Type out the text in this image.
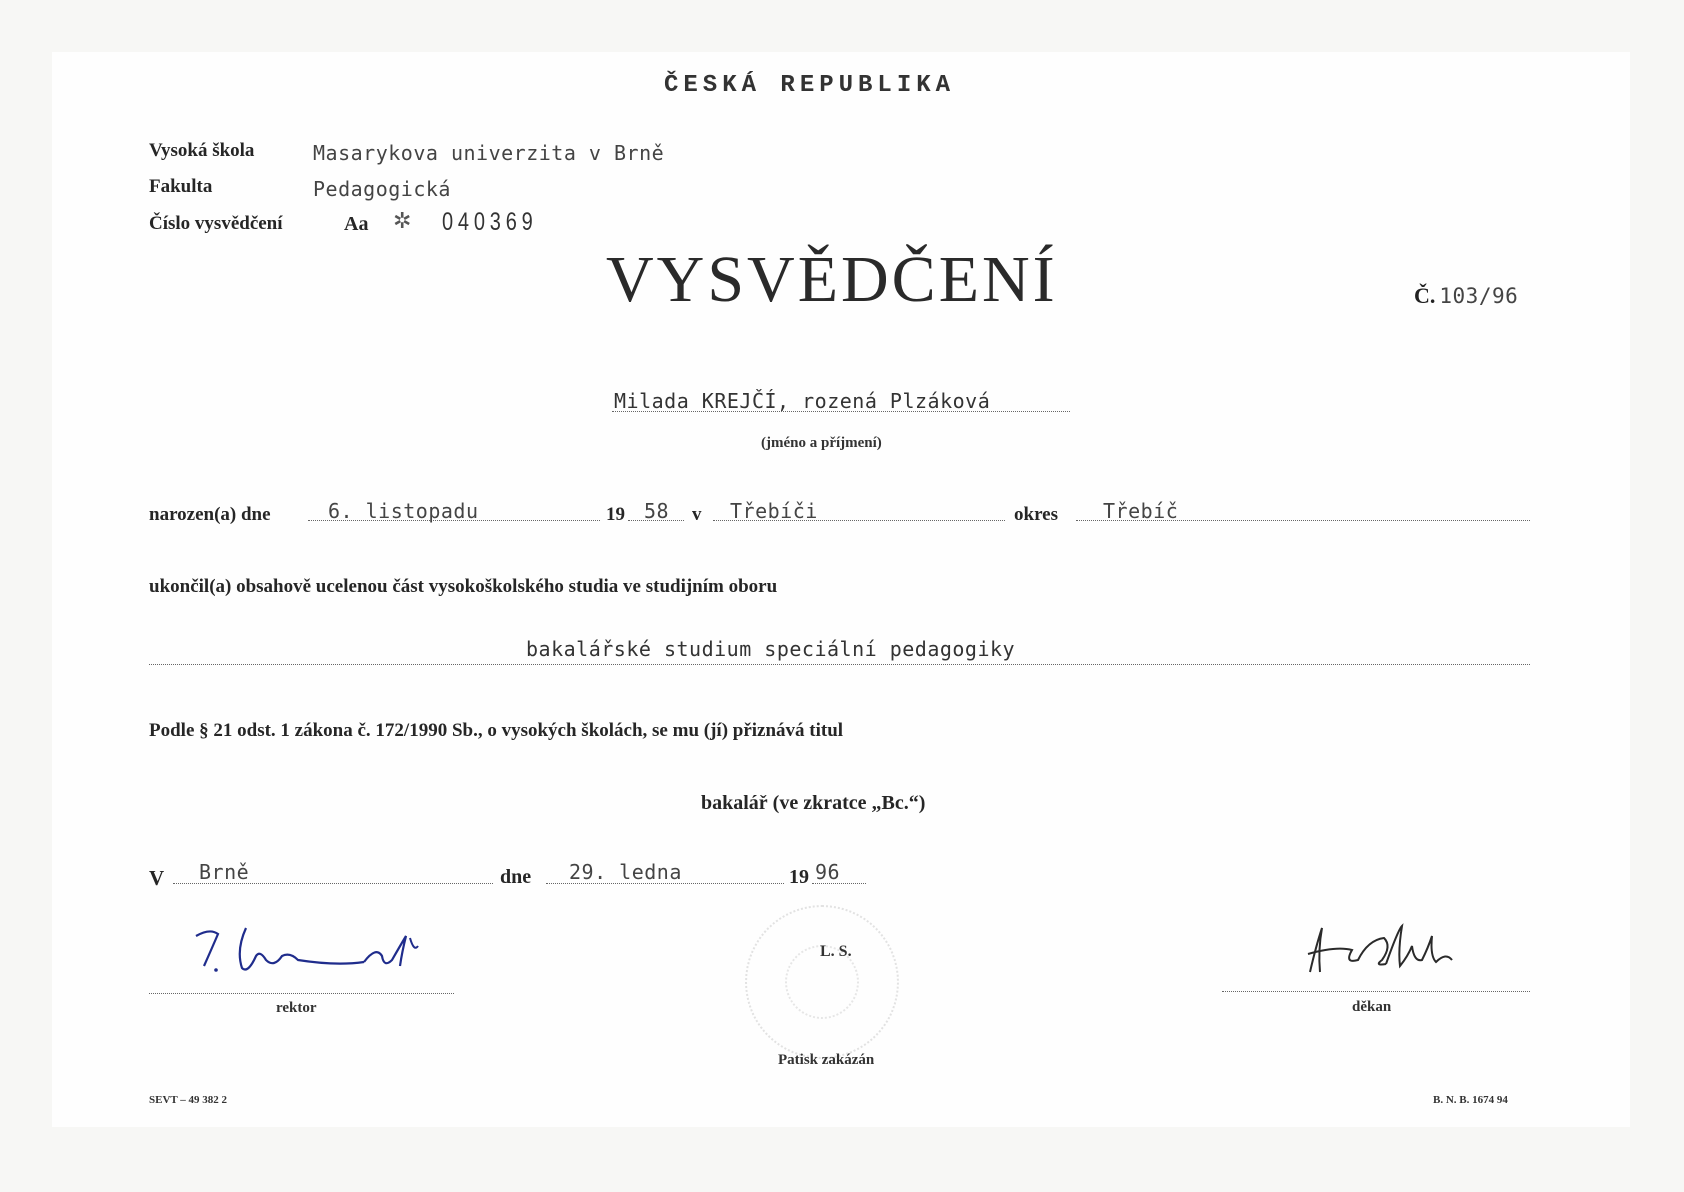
ČESKÁ REPUBLIKA
Vysoká škola	Masarykova univerzita v Brně
Fakulta	Pedagogická
Číslo vysvědčení	Aa ✲ 040369
VYSVĚDČENÍ	Č. 103/96
Milada KREJČÍ, rozená Plzáková
(jméno a příjmení)
narozen(a) dne	6. listopadu	19 58 v Třebíči	okres Třebíč
ukončil(a) obsahově ucelenou část vysokoškolského studia ve studijním oboru
bakalářské studium speciální pedagogiky
Podle § 21 odst. 1 zákona č. 172/1990 Sb., o vysokých školách, se mu (jí) přiznává titul
bakalář (ve zkratce „Bc.“)
V Brně	dne 29. ledna	19 96
rektor
L. S.
děkan
Patisk zakázán
SEVT – 49 382 2	B. N. B. 1674 94
